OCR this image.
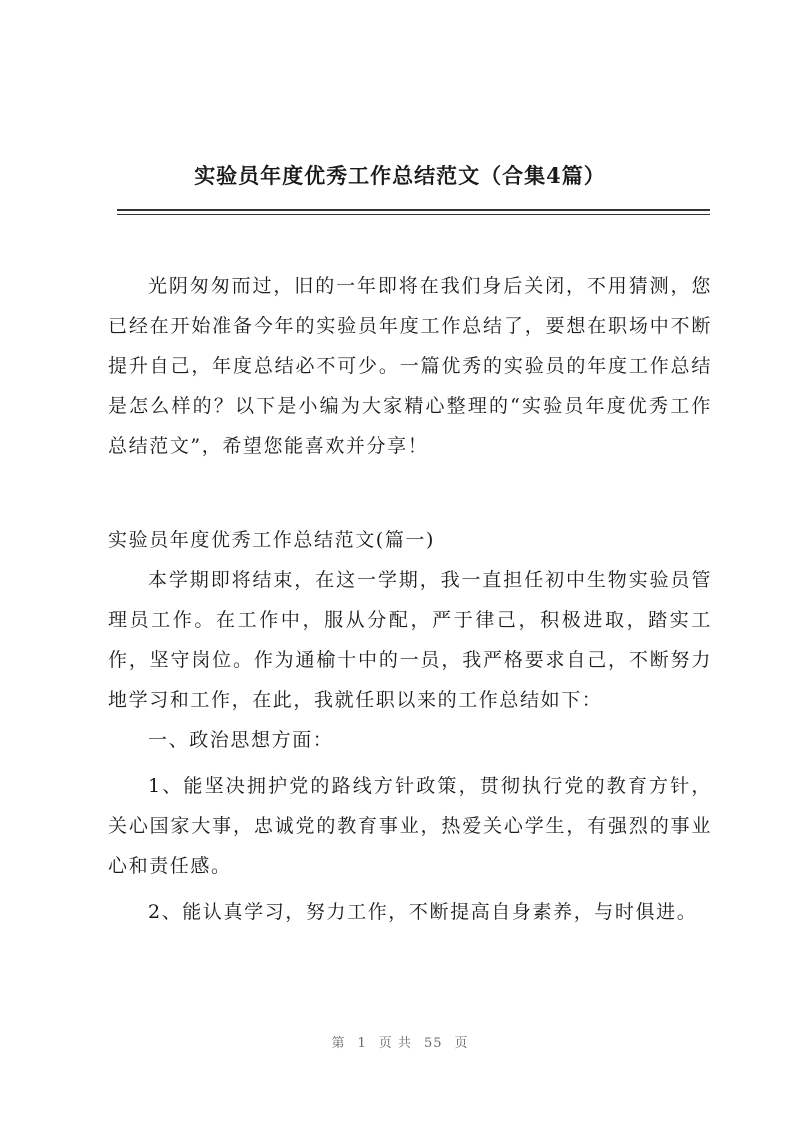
实验员年度优秀工作总结范文（合集4篇）

光阴匆匆而过，旧的一年即将在我们身后关闭，不用猜测，您已经在开始准备今年的实验员年度工作总结了，要想在职场中不断提升自己，年度总结必不可少。一篇优秀的实验员的年度工作总结是怎么样的？以下是小编为大家精心整理的“实验员年度优秀工作总结范文”，希望您能喜欢并分享！

实验员年度优秀工作总结范文(篇一)

本学期即将结束，在这一学期，我一直担任初中生物实验员管理员工作。在工作中，服从分配，严于律己，积极进取，踏实工作，坚守岗位。作为通榆十中的一员，我严格要求自己，不断努力地学习和工作，在此，我就任职以来的工作总结如下：

一、政治思想方面：

1、能坚决拥护党的路线方针政策，贯彻执行党的教育方针，关心国家大事，忠诚党的教育事业，热爱关心学生，有强烈的事业心和责任感。

2、能认真学习，努力工作，不断提高自身素养，与时俱进。

第 1 页 共 55 页
